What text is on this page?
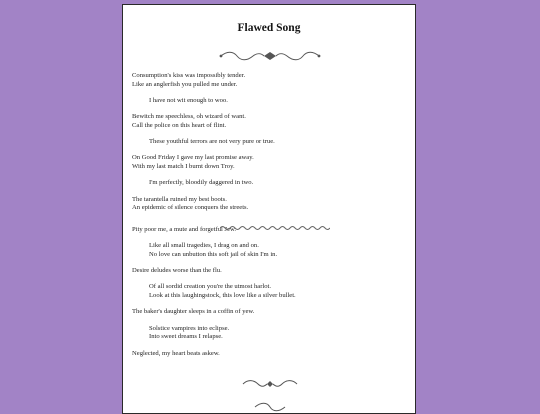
Flawed Song
Consumption's kiss was impossibly tender.
Like an anglerfish you pulled me under.
I have not wit enough to woo.
Bewitch me speechless, oh wizard of want.
Call the police on this heart of flint.
These youthful terrors are not very pure or true.
On Good Friday I gave my last promise away.
With my last match I burnt down Troy.
I'm perfectly, bloodily daggered in two.
The tarantella ruined my best boots.
An epidemic of silence conquers the streets.
Pity poor me, a mute and forgetful Jew.
Like all small tragedies, I drag on and on.
No love can unbutton this soft jail of skin I'm in.
Desire deludes worse than the flu.
Of all sordid creation you're the utmost harlot.
Look at this laughingstock, this love like a silver bullet.
The baker's daughter sleeps in a coffin of yew.
Solstice vampires into eclipse.
Into sweet dreams I relapse.
Neglected, my heart beats askew.
